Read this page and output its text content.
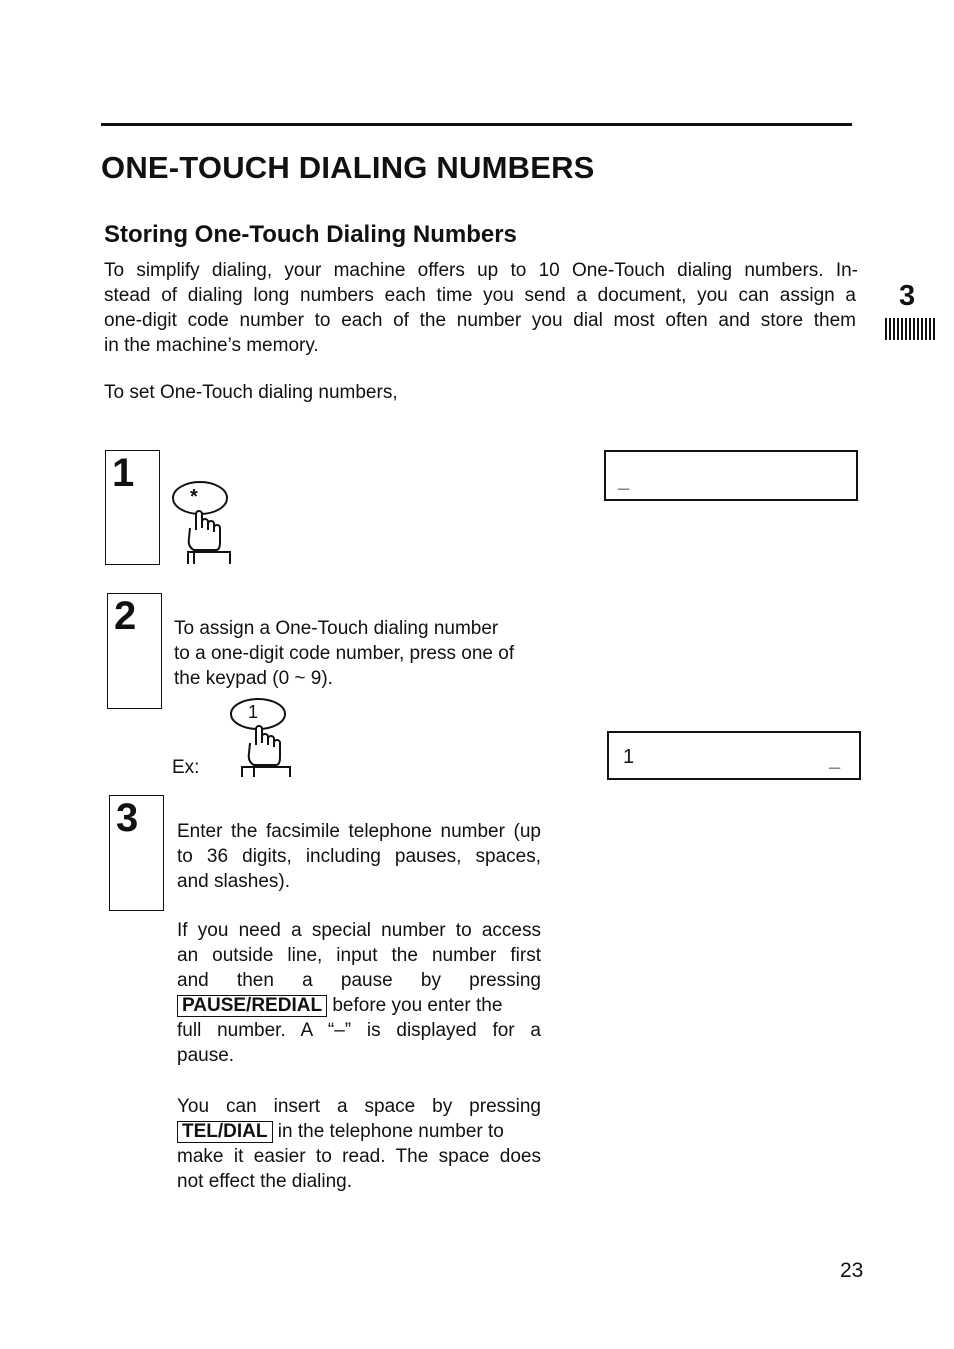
ONE-TOUCH DIALING NUMBERS
Storing One-Touch Dialing Numbers
To simplify dialing, your machine offers up to 10 One-Touch dialing numbers. In-
stead of dialing long numbers each time you send a document, you can assign a
one-digit code number to each of the number you dial most often and store them
in the machine’s memory.
3
To set One-Touch dialing numbers,
1
*
_
2 To assign a One-Touch dialing number
to a one-digit code number, press one of
the keypad (0 ~ 9).
Ex:
1
1	_
3 Enter the facsimile telephone number (up
to 36 digits, including pauses, spaces,
and slashes).
If you need a special number to access
an outside line, input the number first
and then a pause by pressing
PAUSE/REDIAL before you enter the
full number. A “–” is displayed for a
pause.
You can insert a space by pressing
TEL/DIAL in the telephone number to
make it easier to read. The space does
not effect the dialing.
23
